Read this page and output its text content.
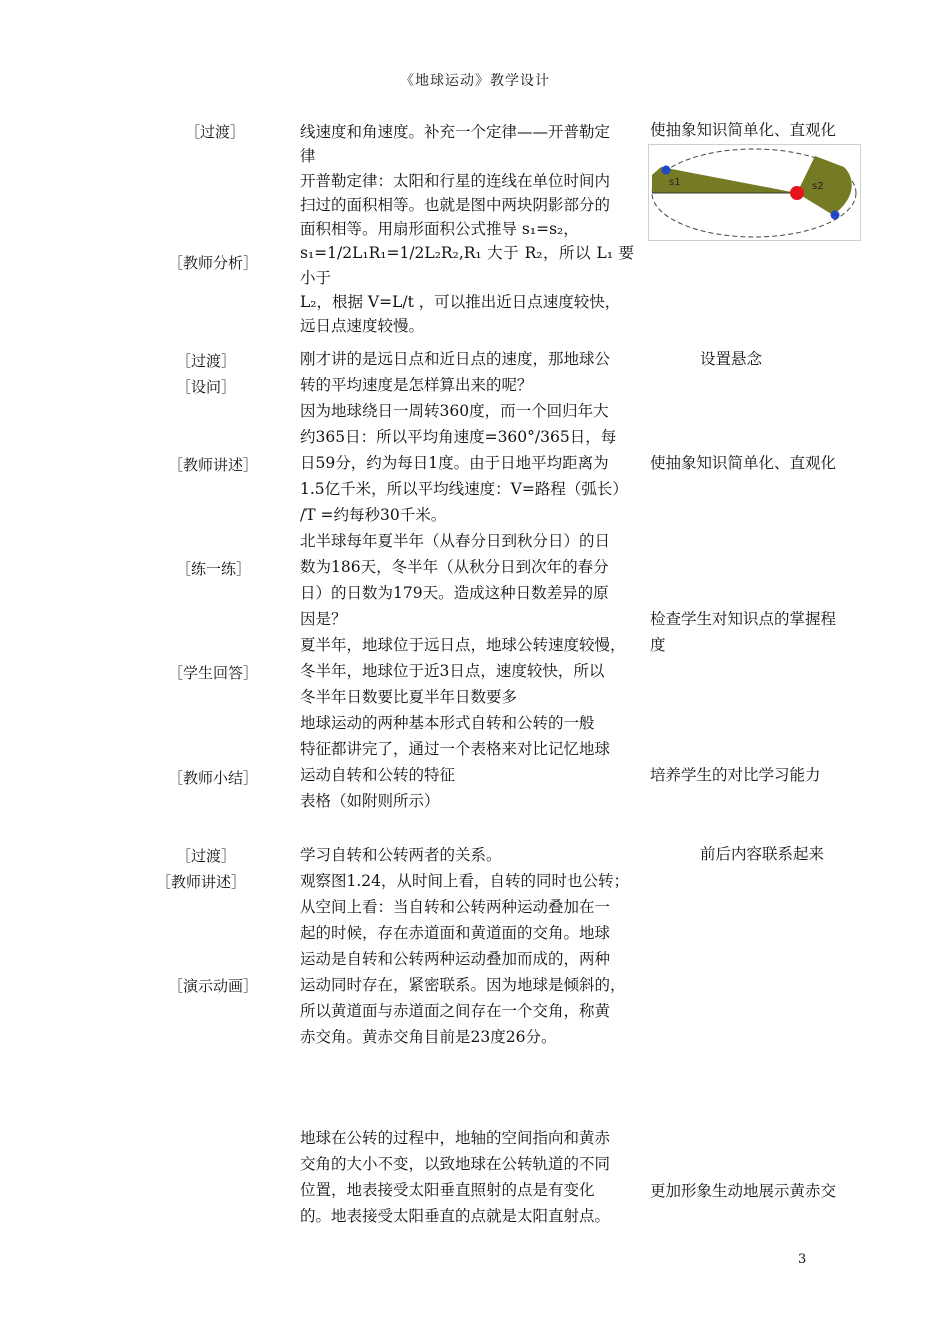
《地球运动》教学设计
［过渡］
［教师分析］
［过渡］
［设问］
［教师讲述］
［练一练］
［学生回答］
［教师小结］
［过渡］
［教师讲述］
［演示动画］
线速度和角速度。补充一个定律——开普勒定
律
开普勒定律：太阳和行星的连线在单位时间内
扫过的面积相等。也就是图中两块阴影部分的
面积相等。用扇形面积公式推导 s₁=s₂，
s₁=1/2L₁R₁=1/2L₂R₂,R₁ 大于 R₂，所以 L₁ 要小于
L₂，根据 V=L/t ，可以推出近日点速度较快，
远日点速度较慢。
s1	s2
刚才讲的是远日点和近日点的速度，那地球公
转的平均速度是怎样算出来的呢？
因为地球绕日一周转360度，而一个回归年大
约365日：所以平均角速度=360°/365日，每
日59分，约为每日1度。由于日地平均距离为
1.5亿千米，所以平均线速度：V=路程（弧长）
/T =约每秒30千米。
北半球每年夏半年（从春分日到秋分日）的日
数为186天，冬半年（从秋分日到次年的春分
日）的日数为179天。造成这种日数差异的原
因是？
夏半年，地球位于远日点，地球公转速度较慢，
冬半年，地球位于近3日点，速度较快，所以
冬半年日数要比夏半年日数要多
地球运动的两种基本形式自转和公转的一般
特征都讲完了，通过一个表格来对比记忆地球
运动自转和公转的特征
表格（如附则所示）
学习自转和公转两者的关系。
观察图1.24，从时间上看，自转的同时也公转；
从空间上看：当自转和公转两种运动叠加在一
起的时候，存在赤道面和黄道面的交角。地球
运动是自转和公转两种运动叠加而成的，两种
运动同时存在，紧密联系。因为地球是倾斜的，
所以黄道面与赤道面之间存在一个交角，称黄
赤交角。黄赤交角目前是23度26分。
地球在公转的过程中，地轴的空间指向和黄赤
交角的大小不变，以致地球在公转轨道的不同
位置，地表接受太阳垂直照射的点是有变化
的。地表接受太阳垂直的点就是太阳直射点。
使抽象知识简单化、直观化
设置悬念
使抽象知识简单化、直观化
检查学生对知识点的掌握程
度
培养学生的对比学习能力
前后内容联系起来
更加形象生动地展示黄赤交
3
